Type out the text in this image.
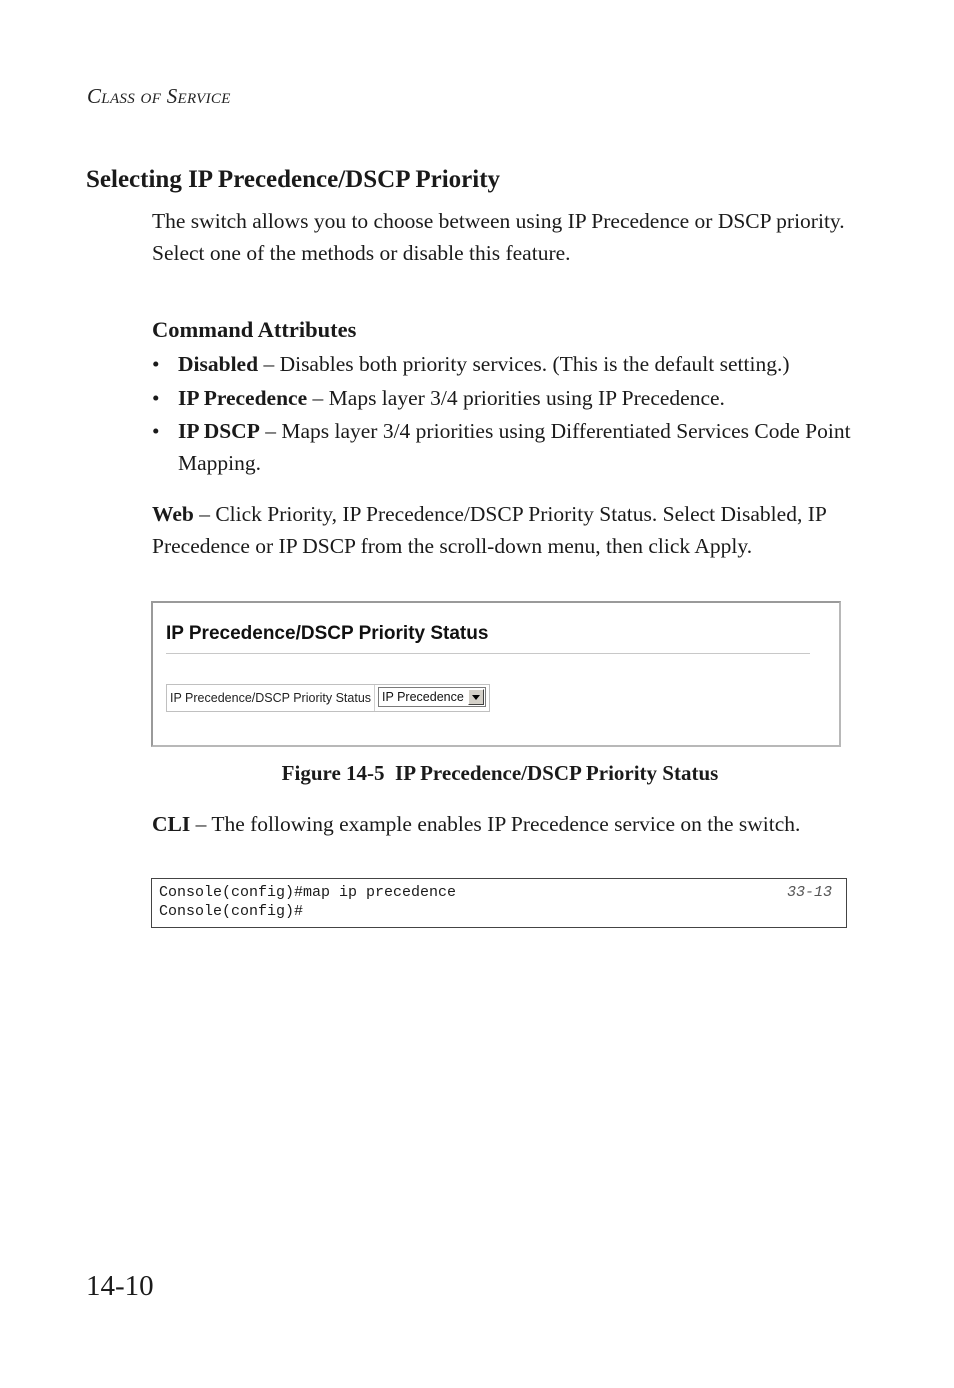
Class of Service
Selecting IP Precedence/DSCP Priority

The switch allows you to choose between using IP Precedence or DSCP priority. Select one of the methods or disable this feature.

Command Attributes
• Disabled – Disables both priority services. (This is the default setting.)
• IP Precedence – Maps layer 3/4 priorities using IP Precedence.
• IP DSCP – Maps layer 3/4 priorities using Differentiated Services Code Point Mapping.

Web – Click Priority, IP Precedence/DSCP Priority Status. Select Disabled, IP Precedence or IP DSCP from the scroll-down menu, then click Apply.

IP Precedence/DSCP Priority Status
IP Precedence/DSCP Priority Status IP Precedence
Figure 14-5 IP Precedence/DSCP Priority Status

CLI – The following example enables IP Precedence service on the switch.

Console(config)#map ip precedence	33-13
Console(config)#
14-10
